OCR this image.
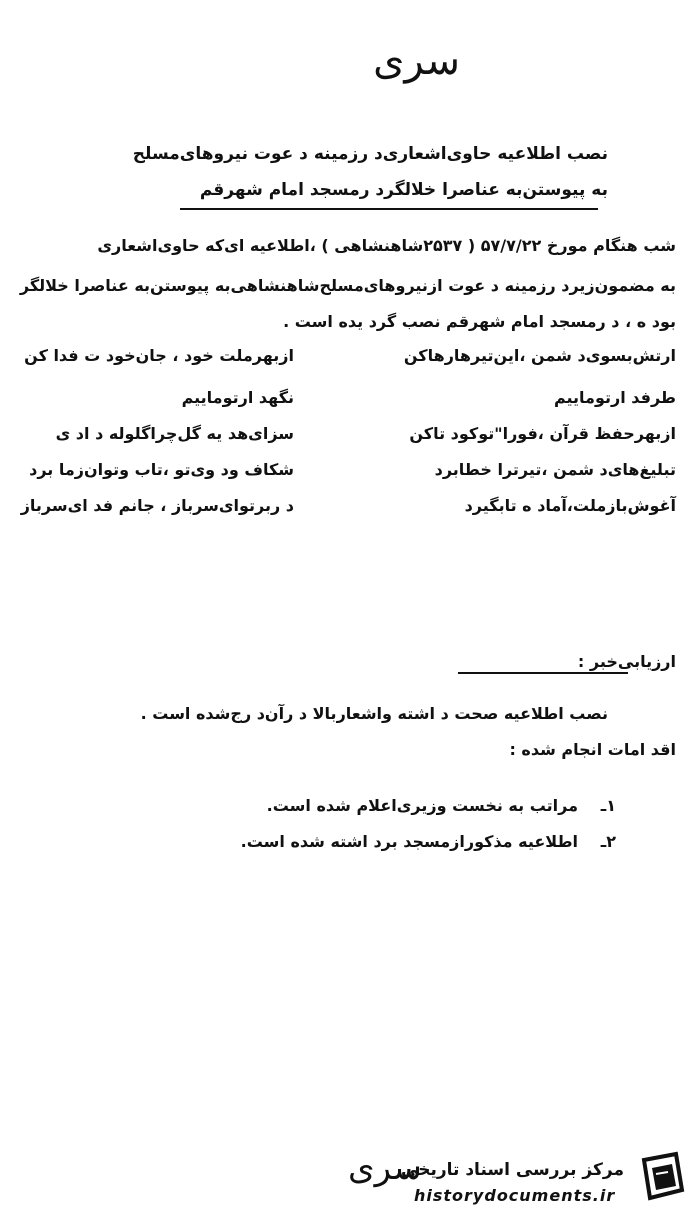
سری
نصب اطلاعیه حاوی‌اشعاری‌د رزمینه د عوت نیروهای‌مسلح
به پیوستن‌به عناصرا خلالگرد رمسجد امام شهرقم
شب هنگام مورخ ۵۷/۷/۲۲ ( ۲۵۳۷شاهنشاهی ) ،اطلاعیه ای‌که حاوی‌اشعاری
به مضمون‌زیرد رزمینه د عوت ازنیروهای‌مسلح‌شاهنشاهی‌به پیوستن‌به عناصرا خلالگر
بود ه ، د رمسجد امام شهرقم نصب گرد یده است .
ارتش‌بسوی‌د شمن ،این‌تیرهارهاکن
طرفد ارتوماییم
ازبهرحفظ قرآن ،فورا"توکود تاکن
تبلیغ‌های‌د شمن ،تیرترا خطابرد
آغوش‌بازملت،آماد ه تابگیرد
ازبهرملت خود ، جان‌خود ت فدا کن
نگهد ارتوماییم
سزای‌هد یه گل‌چراگلوله د اد ی
شکاف ود وی‌تو ،تاب وتوان‌زما برد
د ربرتوای‌سرباز ، جانم فد ای‌سرباز
ارزیابی‌خبر :
نصب اطلاعیه صحت د اشته واشعاربالا د رآن‌د رج‌شده است .
اقد امات انجام شده :
۱ـ
مراتب به نخست وزیری‌اعلام شده است.
۲ـ
اطلاعیه مذکوراز‌مسجد برد اشته شده است.
سری
مرکز بررسی اسناد تاریخی
historydocuments.ir
